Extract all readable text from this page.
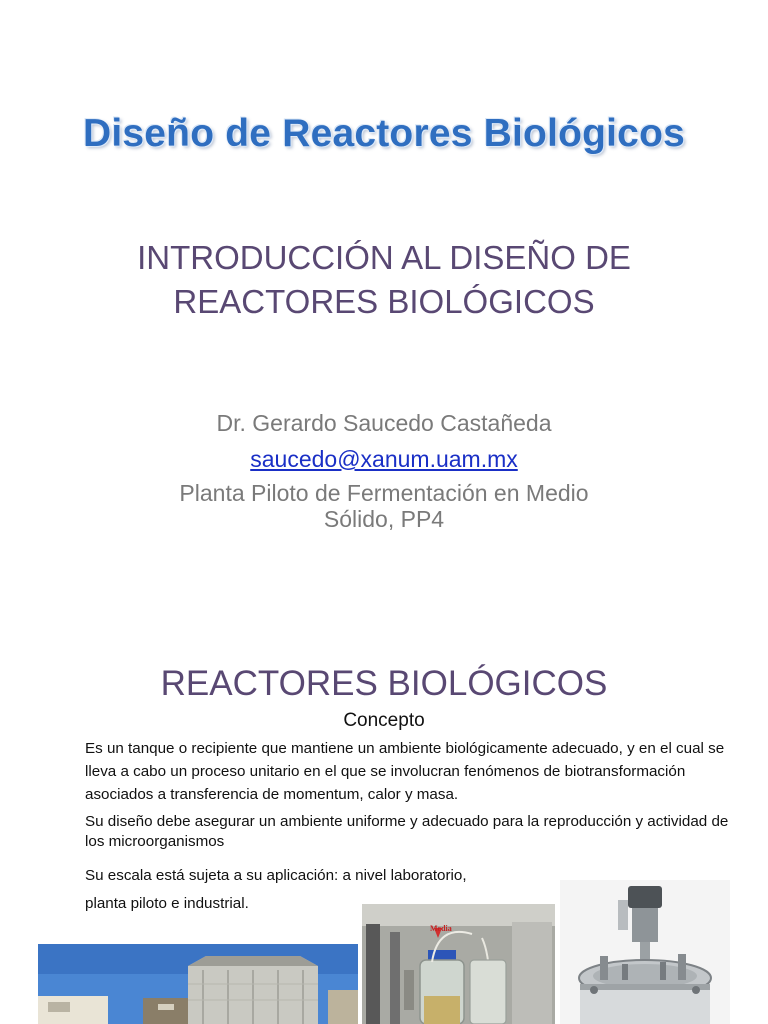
Diseño de Reactores Biológicos
INTRODUCCIÓN AL DISEÑO DE
REACTORES BIOLÓGICOS
Dr. Gerardo Saucedo Castañeda
saucedo@xanum.uam.mx
Planta Piloto de Fermentación en Medio
Sólido, PP4
REACTORES BIOLÓGICOS
Concepto

Es un tanque o recipiente que mantiene un ambiente biológicamente adecuado, y en el cual se lleva a cabo un proceso unitario en el que se involucran fenómenos de biotransformación asociados a transferencia de momentum, calor y masa.

Su diseño debe asegurar un ambiente uniforme y adecuado para la reproducción y actividad de los microorganismos

Su escala está sujeta a su aplicación: a nivel laboratorio,

planta piloto e industrial.

Media
